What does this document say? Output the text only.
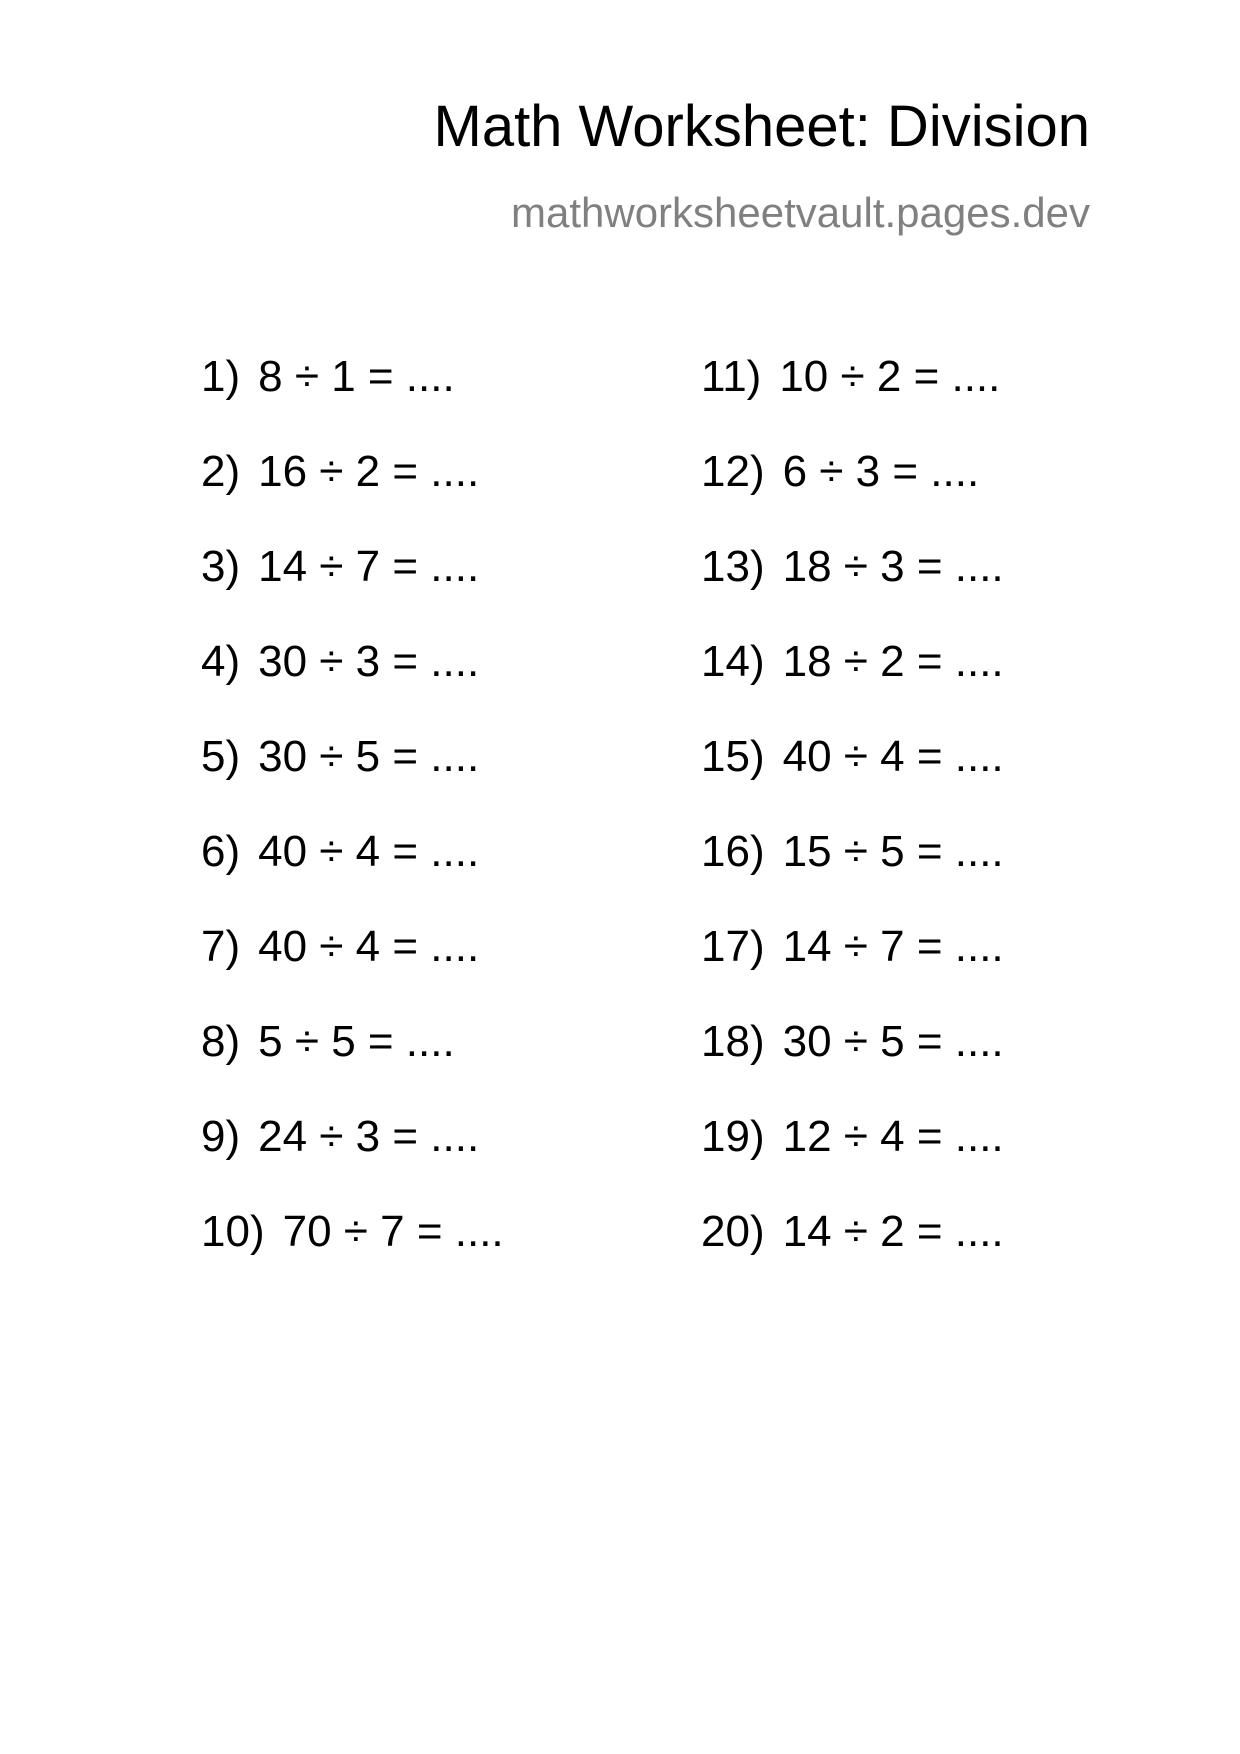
Math Worksheet: Division
mathworksheetvault.pages.dev
1) 8 ÷ 1 = ....
2) 16 ÷ 2 = ....
3) 14 ÷ 7 = ....
4) 30 ÷ 3 = ....
5) 30 ÷ 5 = ....
6) 40 ÷ 4 = ....
7) 40 ÷ 4 = ....
8) 5 ÷ 5 = ....
9) 24 ÷ 3 = ....
10) 70 ÷ 7 = ....
11) 10 ÷ 2 = ....
12) 6 ÷ 3 = ....
13) 18 ÷ 3 = ....
14) 18 ÷ 2 = ....
15) 40 ÷ 4 = ....
16) 15 ÷ 5 = ....
17) 14 ÷ 7 = ....
18) 30 ÷ 5 = ....
19) 12 ÷ 4 = ....
20) 14 ÷ 2 = ....
